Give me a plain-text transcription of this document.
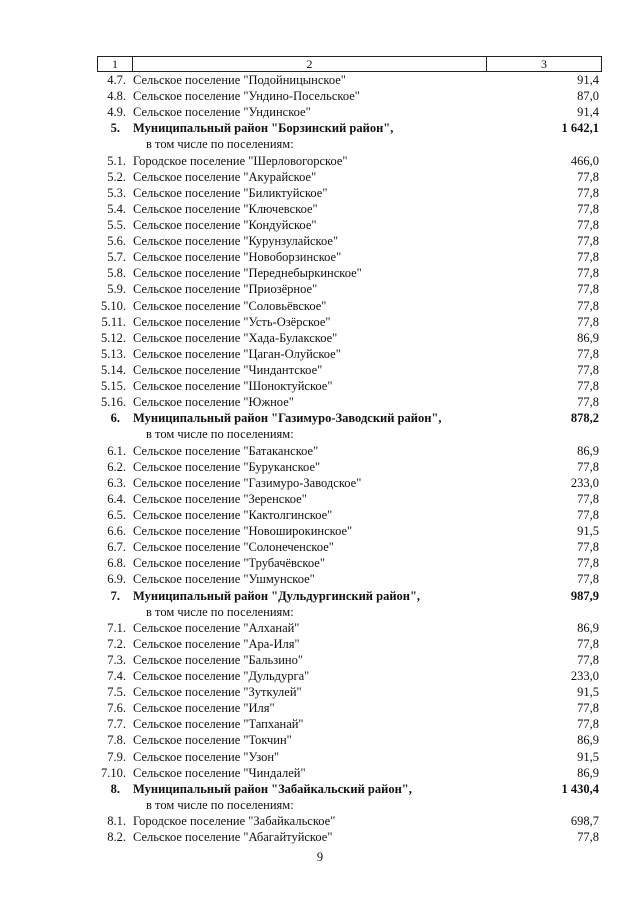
1	2	3
4.7. Сельское поселение "Подойницынское"	91,4
4.8. Сельское поселение "Ундино-Посельское"	87,0
4.9. Сельское поселение "Ундинское"	91,4
5. Муниципальный район "Борзинский район",	1 642,1
в том числе по поселениям:
5.1. Городское поселение "Шерловогорское"	466,0
5.2. Сельское поселение "Акурайское"	77,8
5.3. Сельское поселение "Биликтуйское"	77,8
5.4. Сельское поселение "Ключевское"	77,8
5.5. Сельское поселение "Кондуйское"	77,8
5.6. Сельское поселение "Курунзулайское"	77,8
5.7. Сельское поселение "Новоборзинское"	77,8
5.8. Сельское поселение "Переднебыркинское"	77,8
5.9. Сельское поселение "Приозёрное"	77,8
5.10. Сельское поселение "Соловьёвское"	77,8
5.11. Сельское поселение "Усть-Озёрское"	77,8
5.12. Сельское поселение "Хада-Булакское"	86,9
5.13. Сельское поселение "Цаган-Олуйское"	77,8
5.14. Сельское поселение "Чиндантское"	77,8
5.15. Сельское поселение "Шоноктуйское"	77,8
5.16. Сельское поселение "Южное"	77,8
6. Муниципальный район "Газимуро-Заводский район",	878,2
в том числе по поселениям:
6.1. Сельское поселение "Батаканское"	86,9
6.2. Сельское поселение "Буруканское"	77,8
6.3. Сельское поселение "Газимуро-Заводское"	233,0
6.4. Сельское поселение "Зеренское"	77,8
6.5. Сельское поселение "Кактолгинское"	77,8
6.6. Сельское поселение "Новоширокинское"	91,5
6.7. Сельское поселение "Солонеченское"	77,8
6.8. Сельское поселение "Трубачёвское"	77,8
6.9. Сельское поселение "Ушмунское"	77,8
7. Муниципальный район "Дульдургинский район",	987,9
в том числе по поселениям:
7.1. Сельское поселение "Алханай"	86,9
7.2. Сельское поселение "Ара-Иля"	77,8
7.3. Сельское поселение "Бальзино"	77,8
7.4. Сельское поселение "Дульдурга"	233,0
7.5. Сельское поселение "Зуткулей"	91,5
7.6. Сельское поселение "Иля"	77,8
7.7. Сельское поселение "Тапханай"	77,8
7.8. Сельское поселение "Токчин"	86,9
7.9. Сельское поселение "Узон"	91,5
7.10. Сельское поселение "Чиндалей"	86,9
8. Муниципальный район "Забайкальский район",	1 430,4
в том числе по поселениям:
8.1. Городское поселение "Забайкальское"	698,7
8.2. Сельское поселение "Абагайтуйское"	77,8
9
